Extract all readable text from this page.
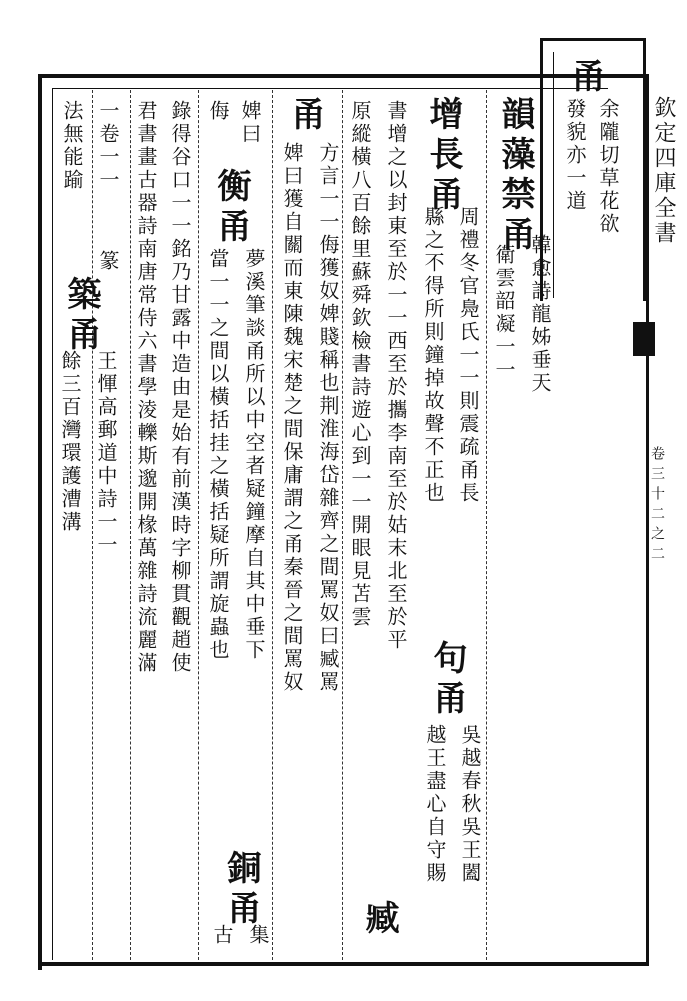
甬
余隴切草花欲
發貌亦一道	欽定四庫全書
卷三十二之二
韻藻禁甬
韓愈詩龍姊垂天
衛雲韶凝一一
增長甬
周禮冬官鳧氏一一則震疏甬長
縣之不得所則鐘掉故聲不正也
句甬
吳越春秋吳王闔
越王盡心自守賜
書增之以封東至於一一西至於攜李南至於姑末北至於平
原縱橫八百餘里蘇舜欽檢書詩遊心到一一開眼見苫雲
甬
方言一一侮獲奴婢賤稱也荆淮海岱雜齊之間罵奴曰臧罵
婢曰獲自關而東陳魏宋楚之間保庸謂之甬秦晉之間罵奴
婢曰
衡甬
夢溪筆談甬所以中空者疑鐘摩自其中垂下
當一一之間以橫括挂之橫括疑所謂旋蟲也
侮
銅甬
集
古
錄得谷口一一銘乃甘露中造由是始有前漢時字柳貫觀趙使
君書畫古器詩南唐常侍六書學淩轢斯邈開椽萬雜詩流麗滿
一卷一一
篆
築甬
王惲高郵道中詩一一
餘三百灣環護漕溝
法無能踰
臧
